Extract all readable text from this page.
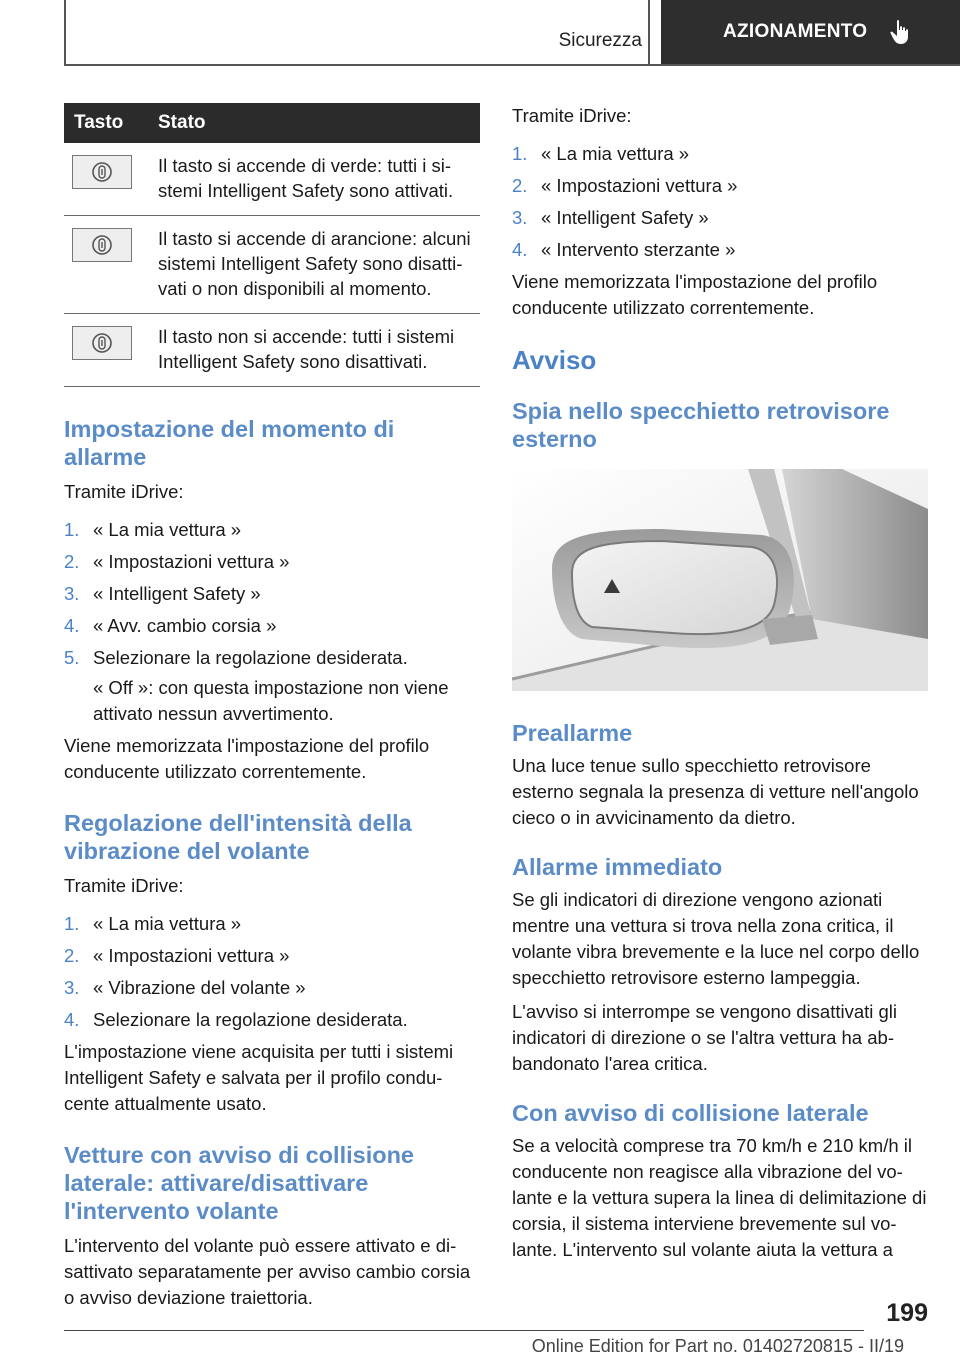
Sicurezza	AZIONAMENTO
Tasto	Stato

	Il tasto si accende di verde: tutti i sistemi Intelligent Safety sono attivati.

	Il tasto si accende di arancione: alcuni sistemi Intelligent Safety sono disattivati o non disponibili al momento.

	Il tasto non si accende: tutti i sistemi Intelligent Safety sono disattivati.
Impostazione del momento di allarme

Tramite iDrive:

1. « La mia vettura »
2. « Impostazioni vettura »
3. « Intelligent Safety »
4. « Avv. cambio corsia »
5. Selezionare la regolazione desiderata.
« Off »: con questa impostazione non viene attivato nessun avvertimento.

Viene memorizzata l'impostazione del profilo conducente utilizzato correntemente.

Regolazione dell'intensità della vibrazione del volante

Tramite iDrive:

1. « La mia vettura »
2. « Impostazioni vettura »
3. « Vibrazione del volante »
4. Selezionare la regolazione desiderata.

L'impostazione viene acquisita per tutti i sistemi Intelligent Safety e salvata per il profilo conducente attualmente usato.

Vetture con avviso di collisione laterale: attivare/disattivare l'intervento volante

L'intervento del volante può essere attivato e disattivato separatamente per avviso cambio corsia o avviso deviazione traiettoria.

Tramite iDrive:

1. « La mia vettura »
2. « Impostazioni vettura »
3. « Intelligent Safety »
4. « Intervento sterzante »

Viene memorizzata l'impostazione del profilo conducente utilizzato correntemente.

Avviso
Spia nello specchietto retrovisore esterno
Preallarme

Una luce tenue sullo specchietto retrovisore esterno segnala la presenza di vetture nell'angolo cieco o in avvicinamento da dietro.

Allarme immediato

Se gli indicatori di direzione vengono azionati mentre una vettura si trova nella zona critica, il volante vibra brevemente e la luce nel corpo dello specchietto retrovisore esterno lampeggia.

L'avviso si interrompe se vengono disattivati gli indicatori di direzione o se l'altra vettura ha abbandonato l'area critica.

Con avviso di collisione laterale

Se a velocità comprese tra 70 km/h e 210 km/h il conducente non reagisce alla vibrazione del volante e la vettura supera la linea di delimitazione di corsia, il sistema interviene brevemente sul volante. L'intervento sul volante aiuta la vettura a

199
Online Edition for Part no. 01402720815 - II/19
